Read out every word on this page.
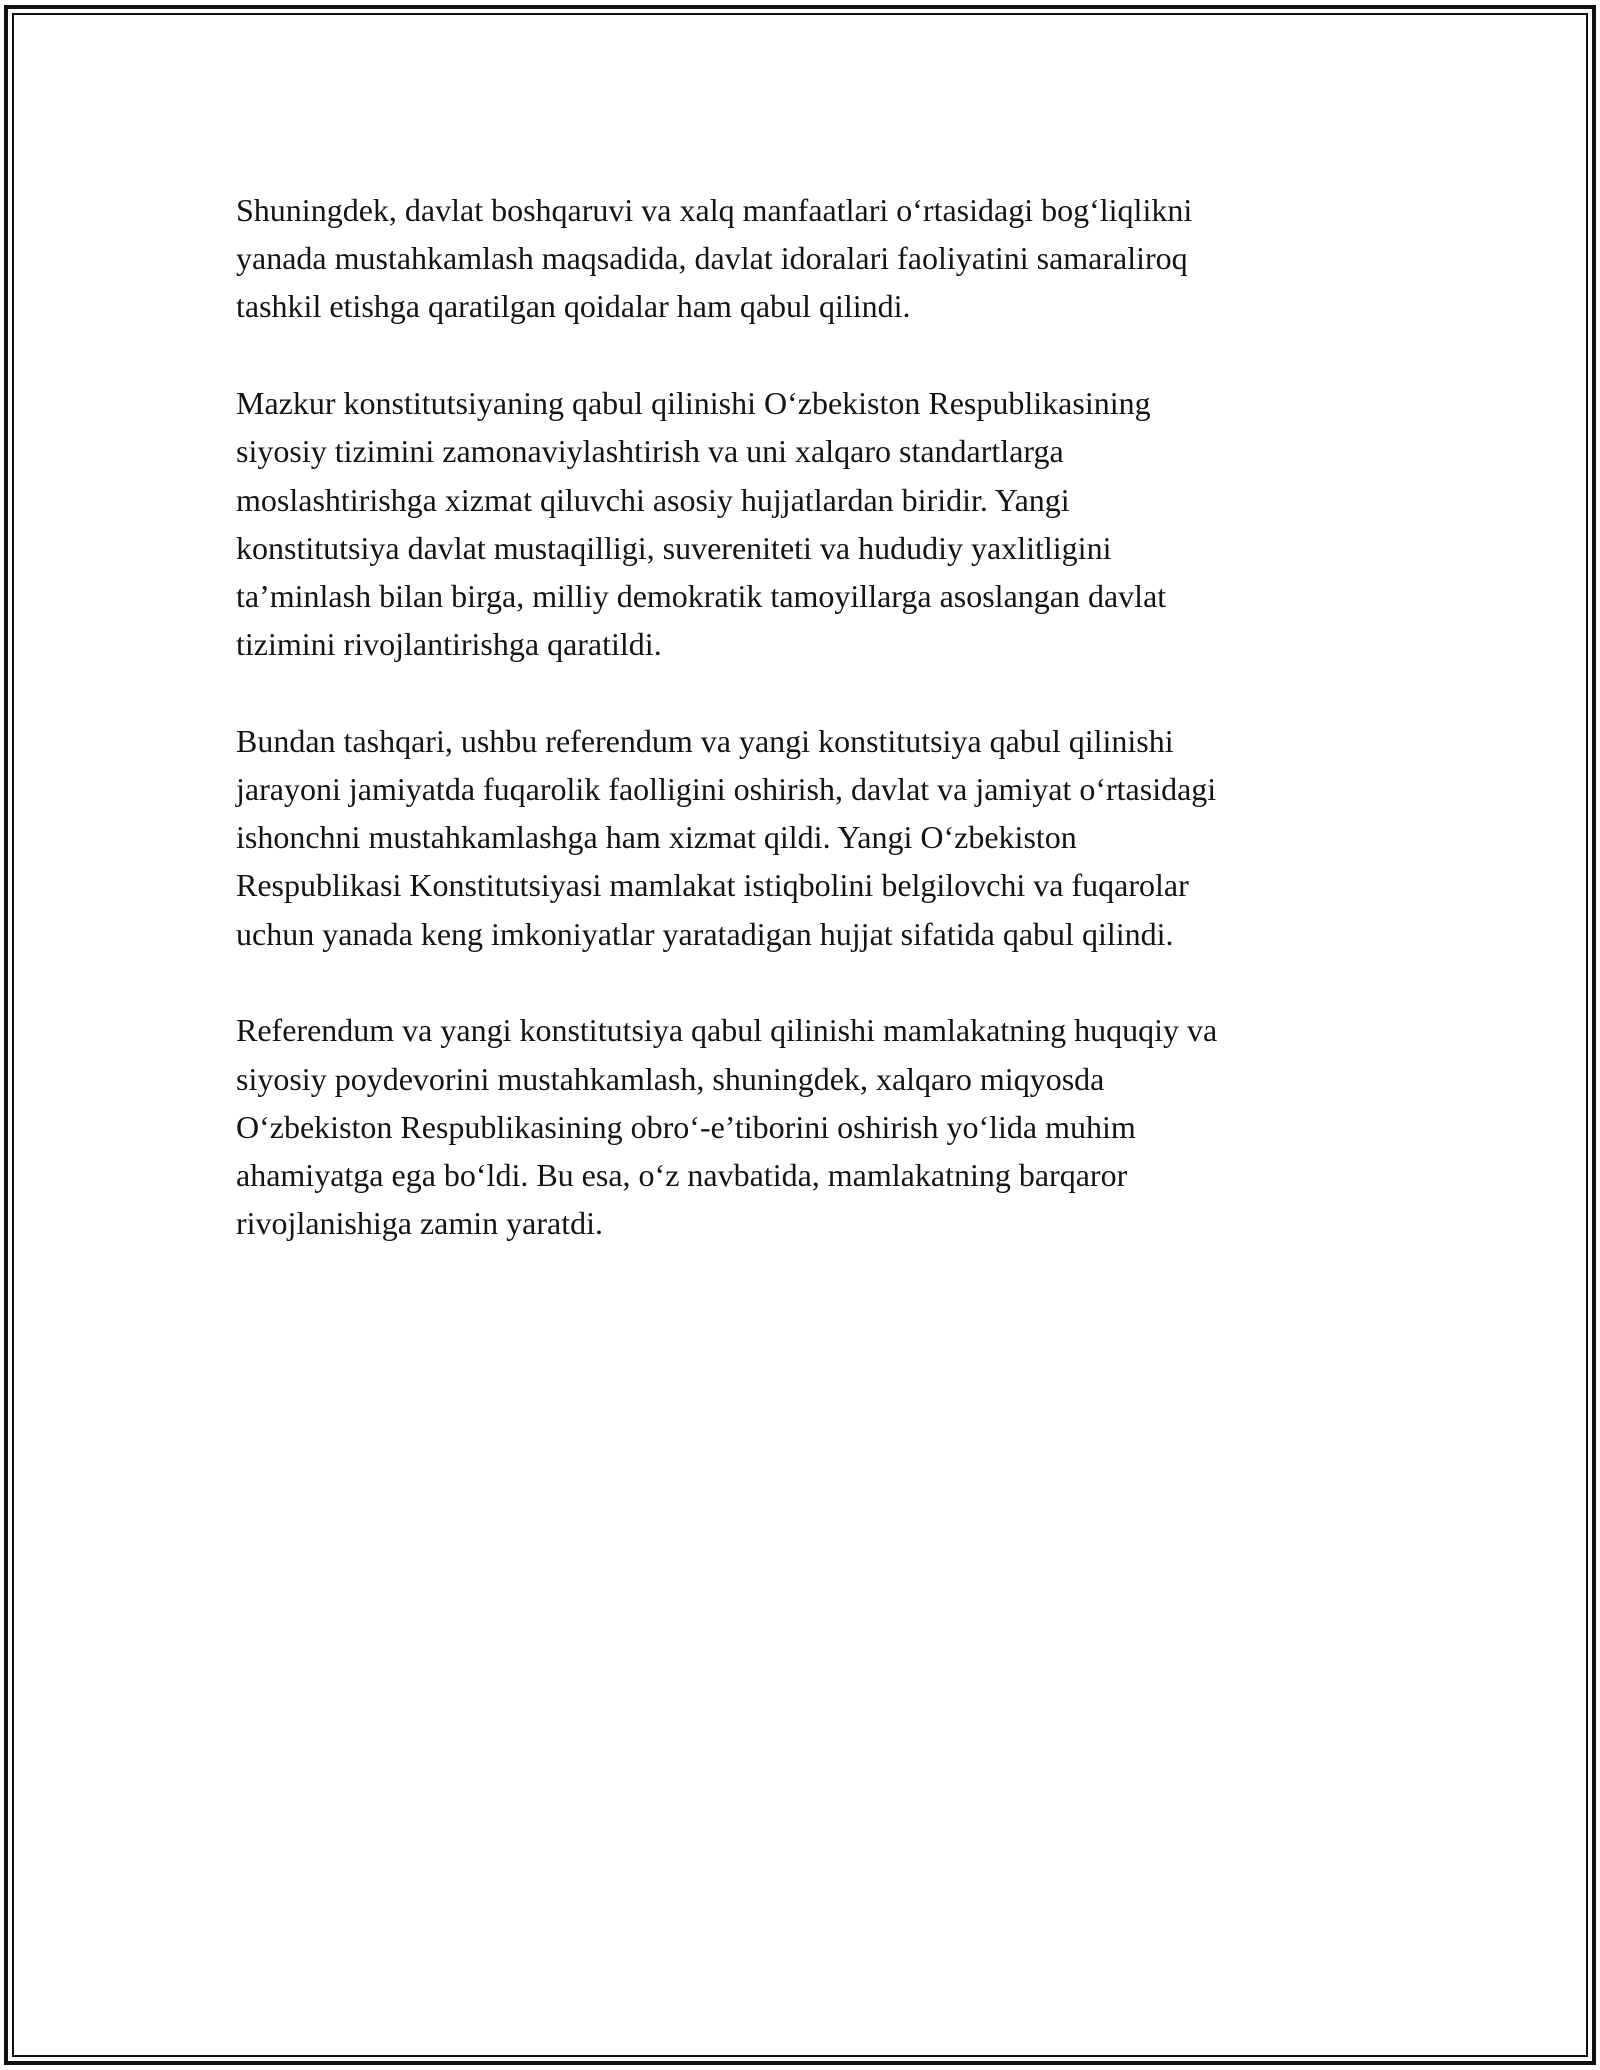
Shuningdek, davlat boshqaruvi va xalq manfaatlari o‘rtasidagi bog‘liqlikni
yanada mustahkamlash maqsadida, davlat idoralari faoliyatini samaraliroq
tashkil etishga qaratilgan qoidalar ham qabul qilindi.

Mazkur konstitutsiyaning qabul qilinishi O‘zbekiston Respublikasining
siyosiy tizimini zamonaviylashtirish va uni xalqaro standartlarga
moslashtirishga xizmat qiluvchi asosiy hujjatlardan biridir. Yangi
konstitutsiya davlat mustaqilligi, suvereniteti va hududiy yaxlitligini
ta’minlash bilan birga, milliy demokratik tamoyillarga asoslangan davlat
tizimini rivojlantirishga qaratildi.

Bundan tashqari, ushbu referendum va yangi konstitutsiya qabul qilinishi
jarayoni jamiyatda fuqarolik faolligini oshirish, davlat va jamiyat o‘rtasidagi
ishonchni mustahkamlashga ham xizmat qildi. Yangi O‘zbekiston
Respublikasi Konstitutsiyasi mamlakat istiqbolini belgilovchi va fuqarolar
uchun yanada keng imkoniyatlar yaratadigan hujjat sifatida qabul qilindi.

Referendum va yangi konstitutsiya qabul qilinishi mamlakatning huquqiy va
siyosiy poydevorini mustahkamlash, shuningdek, xalqaro miqyosda
O‘zbekiston Respublikasining obro‘-e’tiborini oshirish yo‘lida muhim
ahamiyatga ega bo‘ldi. Bu esa, o‘z navbatida, mamlakatning barqaror
rivojlanishiga zamin yaratdi.
